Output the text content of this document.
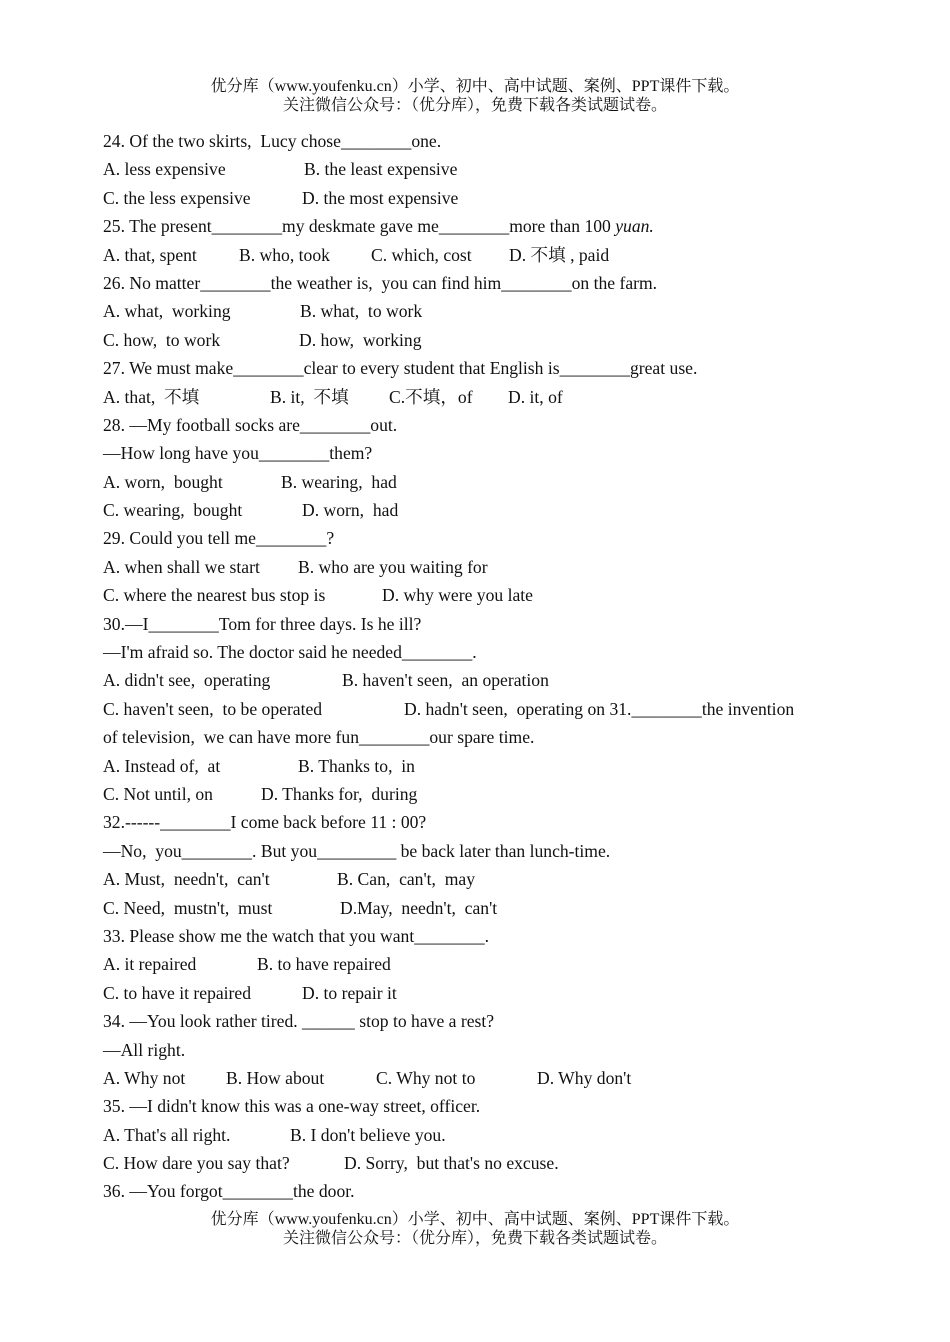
优分库（www.youfenku.cn）小学、初中、高中试题、案例、PPT课件下载。
关注微信公众号：（优分库），免费下载各类试题试卷。
24. Of the two skirts,  Lucy chose________one.
A. less expensive	B. the least expensive
C. the less expensive	D. the most expensive
25. The present________my deskmate gave me________more than 100 yuan.
A. that, spent B. who, took C. which, cost D. 不填 , paid
26. No matter________the weather is,  you can find him________on the farm.
A. what,  working	B. what,  to work
C. how,  to work	D. how,  working
27. We must make________clear to every student that English is________great use.
A. that,  不填	B. it,  不填 C.不填，of D. it, of
28. —My football socks are________out.
—How long have you________them?
A. worn,  bought	B. wearing,  had
C. wearing,  bought	D. worn,  had
29. Could you tell me________?
A. when shall we start B. who are you waiting for
C. where the nearest bus stop is	D. why were you late
30.—I________Tom for three days. Is he ill?
—I'm afraid so. The doctor said he needed________.
A. didn't see,  operating	B. haven't seen,  an operation
C. haven't seen,  to be operated	D. hadn't seen,  operating on 31.________the invention
of television,  we can have more fun________our spare time.
A. Instead of,  at	B. Thanks to,  in
C. Not until, on	D. Thanks for,  during
32.------________I come back before 11 : 00?
—No,  you________. But you_________ be back later than lunch-time.
A. Must,  needn't,  can't	B. Can,  can't,  may
C. Need,  mustn't,  must	D.May,  needn't,  can't
33. Please show me the watch that you want________.
A. it repaired	B. to have repaired
C. to have it repaired	D. to repair it
34. —You look rather tired. ______ stop to have a rest?
—All right.
A. Why not B. How about	C. Why not to	D. Why don't
35. —I didn't know this was a one-way street, officer.
A. That's all right.	B. I don't believe you.
C. How dare you say that?	D. Sorry,  but that's no excuse.
36. —You forgot________the door.
优分库（www.youfenku.cn）小学、初中、高中试题、案例、PPT课件下载。
关注微信公众号：（优分库），免费下载各类试题试卷。
